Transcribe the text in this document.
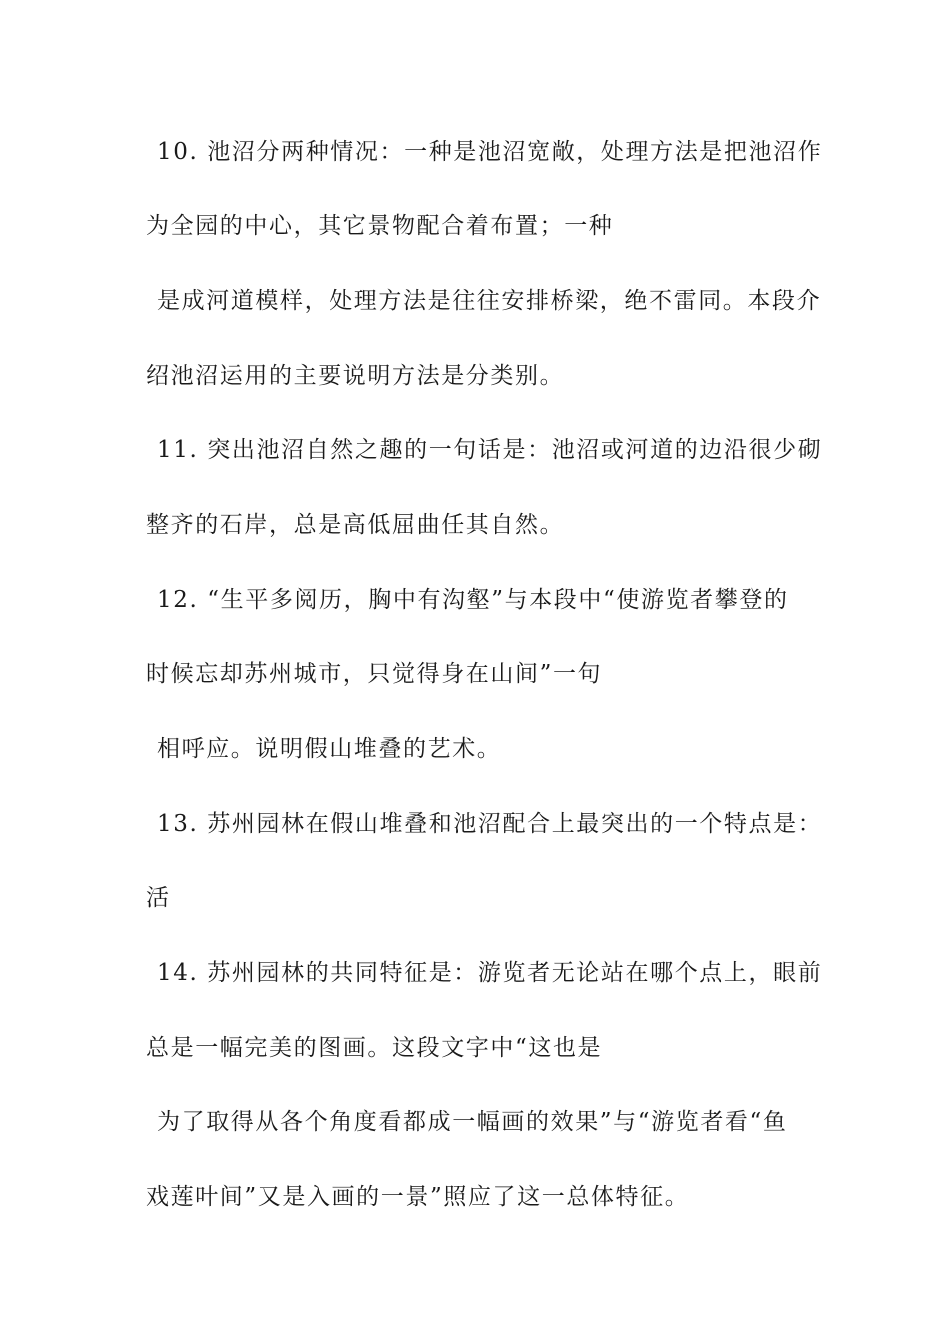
10. 池沼分两种情况：一种是池沼宽敞，处理方法是把池沼作
为全园的中心，其它景物配合着布置；一种
是成河道模样，处理方法是往往安排桥梁，绝不雷同。本段介
绍池沼运用的主要说明方法是分类别。
11. 突出池沼自然之趣的一句话是：池沼或河道的边沿很少砌
整齐的石岸，总是高低屈曲任其自然。
12. “生平多阅历，胸中有沟壑”与本段中“使游览者攀登的
时候忘却苏州城市，只觉得身在山间”一句
相呼应。说明假山堆叠的艺术。
13. 苏州园林在假山堆叠和池沼配合上最突出的一个特点是：
活
14. 苏州园林的共同特征是：游览者无论站在哪个点上，眼前
总是一幅完美的图画。这段文字中“这也是
为了取得从各个角度看都成一幅画的效果”与“游览者看“鱼
戏莲叶间”又是入画的一景”照应了这一总体特征。
